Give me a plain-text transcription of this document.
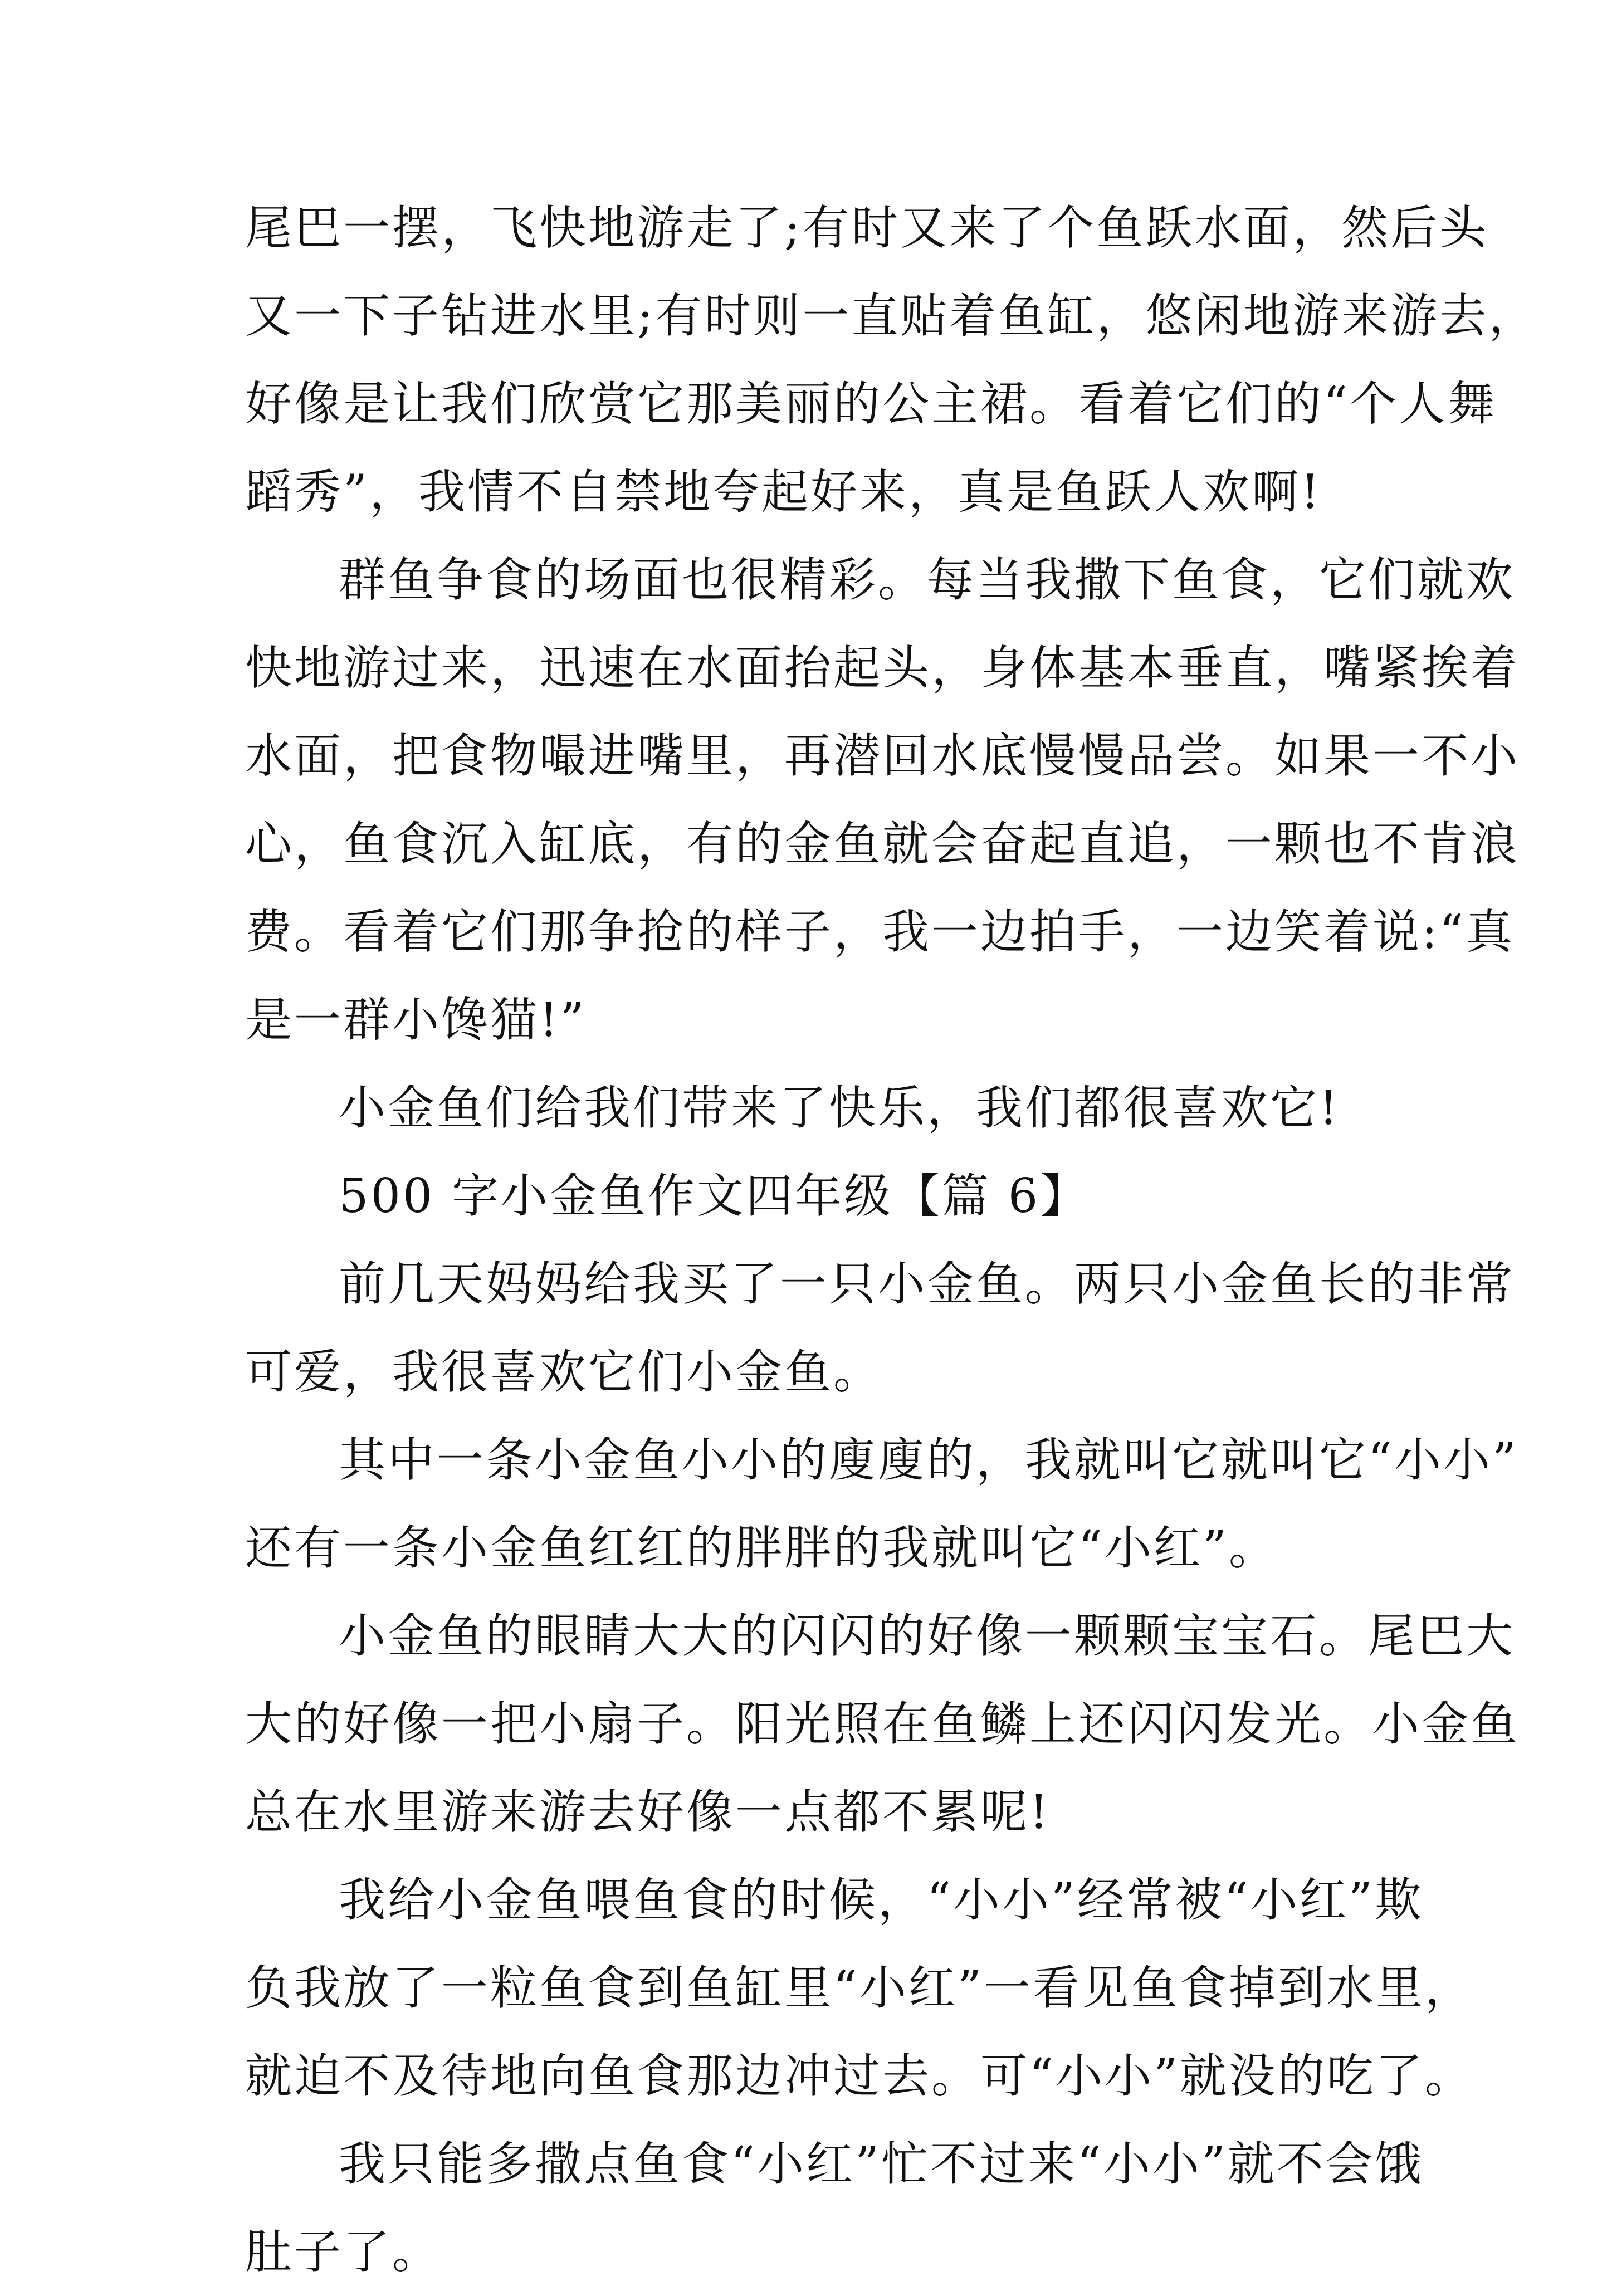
尾巴一摆，飞快地游走了;有时又来了个鱼跃水面，然后头
又一下子钻进水里;有时则一直贴着鱼缸，悠闲地游来游去，
好像是让我们欣赏它那美丽的公主裙。看着它们的“个人舞
蹈秀”，我情不自禁地夸起好来，真是鱼跃人欢啊!
群鱼争食的场面也很精彩。每当我撒下鱼食，它们就欢
快地游过来，迅速在水面抬起头，身体基本垂直，嘴紧挨着
水面，把食物嘬进嘴里，再潜回水底慢慢品尝。如果一不小
心，鱼食沉入缸底，有的金鱼就会奋起直追，一颗也不肯浪
费。看着它们那争抢的样子，我一边拍手，一边笑着说:“真
是一群小馋猫!”
小金鱼们给我们带来了快乐，我们都很喜欢它!
500 字小金鱼作文四年级【篇 6】
前几天妈妈给我买了一只小金鱼。两只小金鱼长的非常
可爱，我很喜欢它们小金鱼。
其中一条小金鱼小小的廋廋的，我就叫它就叫它“小小”
还有一条小金鱼红红的胖胖的我就叫它“小红”。
小金鱼的眼睛大大的闪闪的好像一颗颗宝宝石。尾巴大
大的好像一把小扇子。阳光照在鱼鳞上还闪闪发光。小金鱼
总在水里游来游去好像一点都不累呢!
我给小金鱼喂鱼食的时候，“小小”经常被“小红”欺
负我放了一粒鱼食到鱼缸里“小红”一看见鱼食掉到水里，
就迫不及待地向鱼食那边冲过去。可“小小”就没的吃了。
我只能多撒点鱼食“小红”忙不过来“小小”就不会饿
肚子了。
